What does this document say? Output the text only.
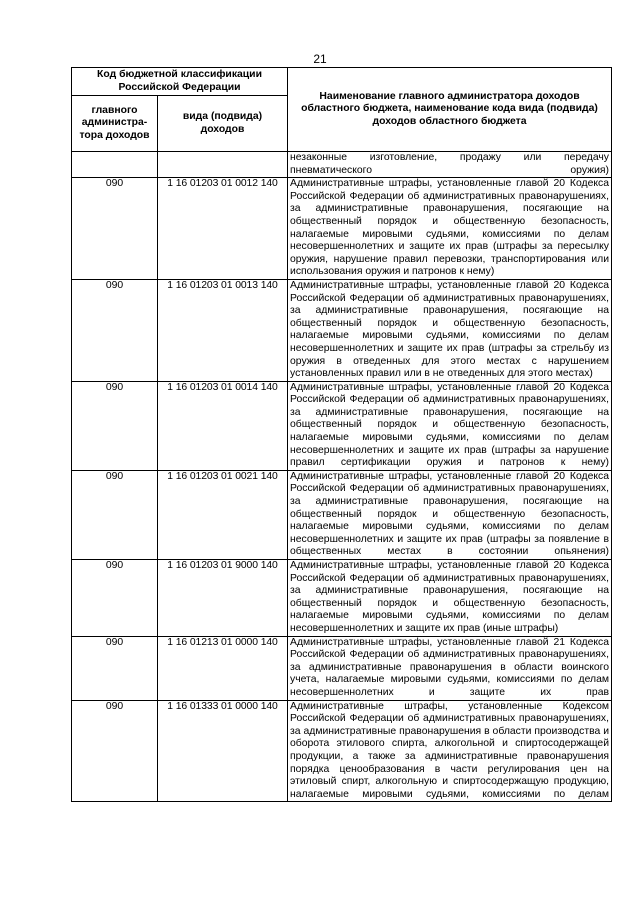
21
Код бюджетной классификации Российской Федерации		Наименование главного администратора доходов областного бюджета, наименование кода вида (подвида) доходов областного бюджета
главного администра-тора доходов	вида (подвида) доходов	
		незаконные изготовление, продажу или передачу пневматического оружия)
090	1 16 01203 01 0012 140	Административные штрафы, установленные главой 20 Кодекса Российской Федерации об административных правонарушениях, за административные правонарушения, посягающие на общественный порядок и общественную безопасность, налагаемые мировыми судьями, комиссиями по делам несовершеннолетних и защите их прав (штрафы за пересылку оружия, нарушение правил перевозки, транспортирования или использования оружия и патронов к нему)
090	1 16 01203 01 0013 140	Административные штрафы, установленные главой 20 Кодекса Российской Федерации об административных правонарушениях, за административные правонарушения, посягающие на общественный порядок и общественную безопасность, налагаемые мировыми судьями, комиссиями по делам несовершеннолетних и защите их прав (штрафы за стрельбу из оружия в отведенных для этого местах с нарушением установленных правил или в не отведенных для этого местах)
090	1 16 01203 01 0014 140	Административные штрафы, установленные главой 20 Кодекса Российской Федерации об административных правонарушениях, за административные правонарушения, посягающие на общественный порядок и общественную безопасность, налагаемые мировыми судьями, комиссиями по делам несовершеннолетних и защите их прав (штрафы за нарушение правил сертификации оружия и патронов к нему)
090	1 16 01203 01 0021 140	Административные штрафы, установленные главой 20 Кодекса Российской Федерации об административных правонарушениях, за административные правонарушения, посягающие на общественный порядок и общественную безопасность, налагаемые мировыми судьями, комиссиями по делам несовершеннолетних и защите их прав (штрафы за появление в общественных местах в состоянии опьянения)
090	1 16 01203 01 9000 140	Административные штрафы, установленные главой 20 Кодекса Российской Федерации об административных правонарушениях, за административные правонарушения, посягающие на общественный порядок и общественную безопасность, налагаемые мировыми судьями, комиссиями по делам несовершеннолетних и защите их прав (иные штрафы)
090	1 16 01213 01 0000 140	Административные штрафы, установленные главой 21 Кодекса Российской Федерации об административных правонарушениях, за административные правонарушения в области воинского учета, налагаемые мировыми судьями, комиссиями по делам несовершеннолетних и защите их прав
090	1 16 01333 01 0000 140	Административные штрафы, установленные Кодексом Российской Федерации об административных правонарушениях, за административные правонарушения в области производства и оборота этилового спирта, алкогольной и спиртосодержащей продукции, а также за административные правонарушения порядка ценообразования в части регулирования цен на этиловый спирт, алкогольную и спиртосодержащую продукцию, налагаемые мировыми судьями, комиссиями по делам
